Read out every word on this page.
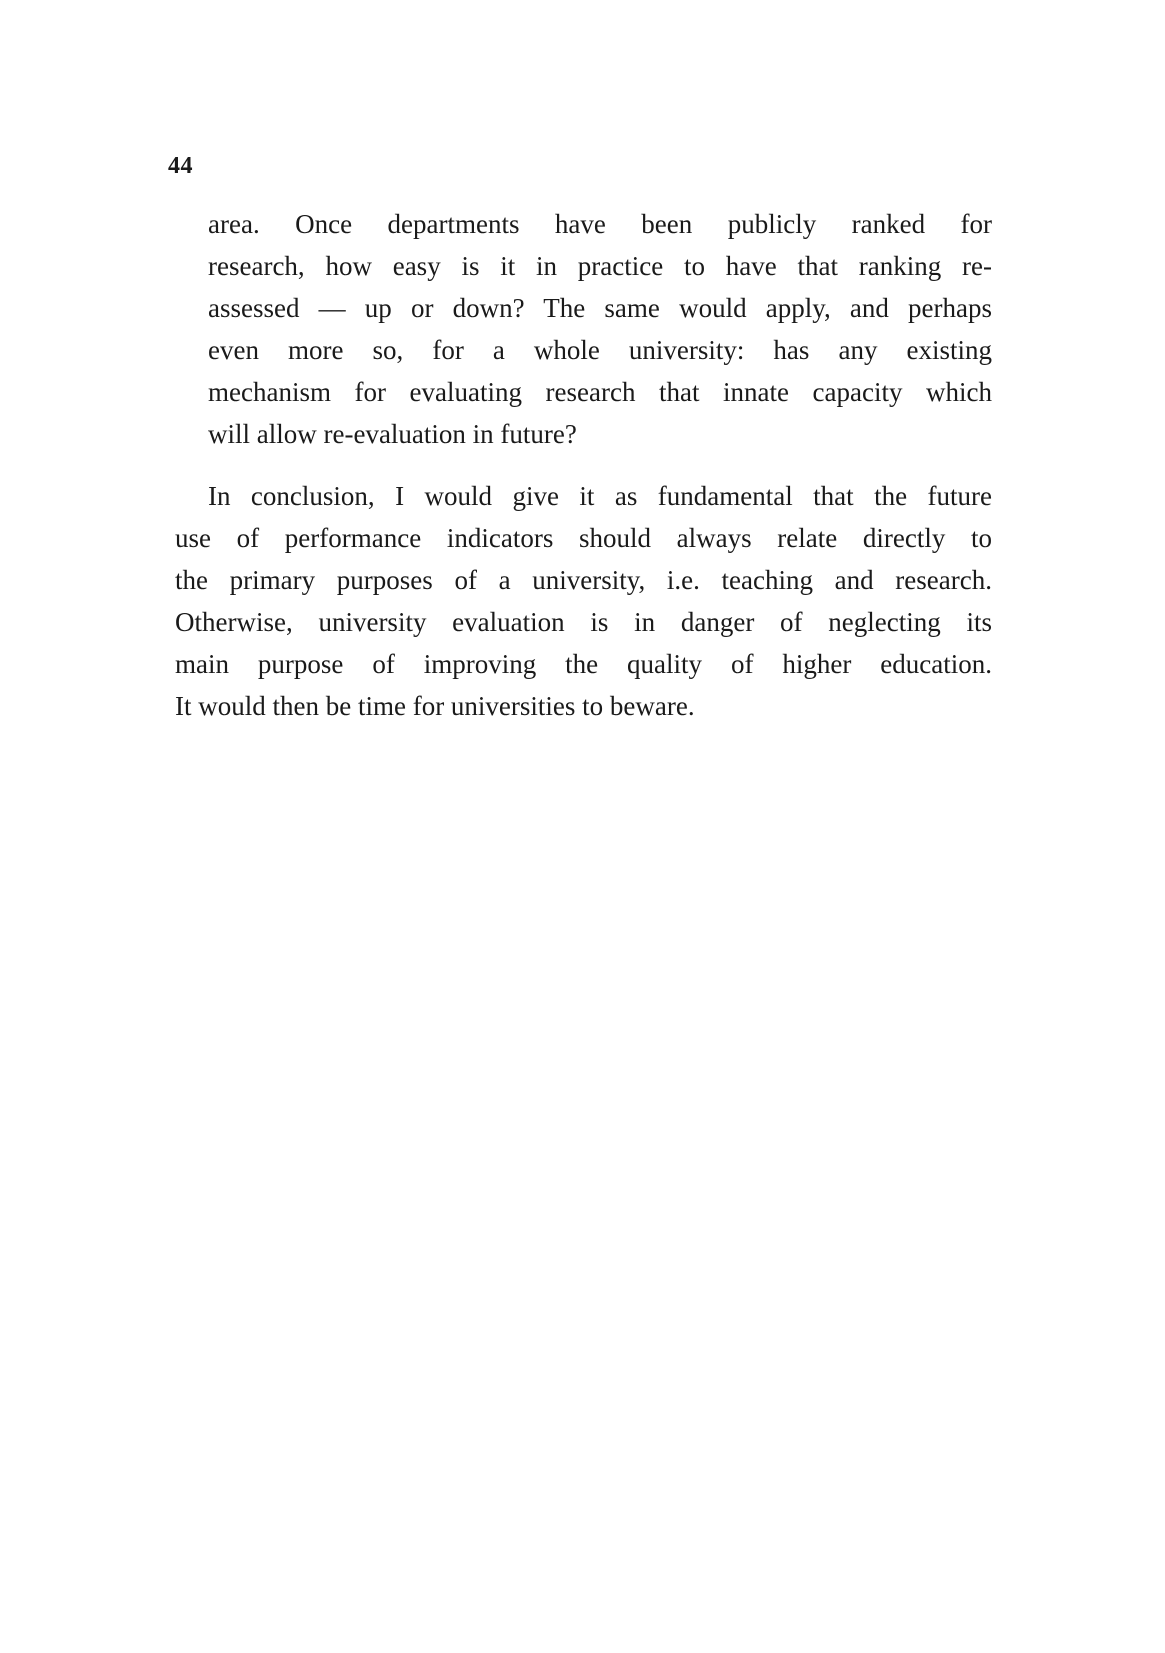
44
area. Once departments have been publicly ranked for
research, how easy is it in practice to have that ranking re-
assessed — up or down? The same would apply, and perhaps
even more so, for a whole university: has any existing
mechanism for evaluating research that innate capacity which
will allow re-evaluation in future?
In conclusion, I would give it as fundamental that the future
use of performance indicators should always relate directly to
the primary purposes of a university, i.e. teaching and research.
Otherwise, university evaluation is in danger of neglecting its
main purpose of improving the quality of higher education.
It would then be time for universities to beware.
